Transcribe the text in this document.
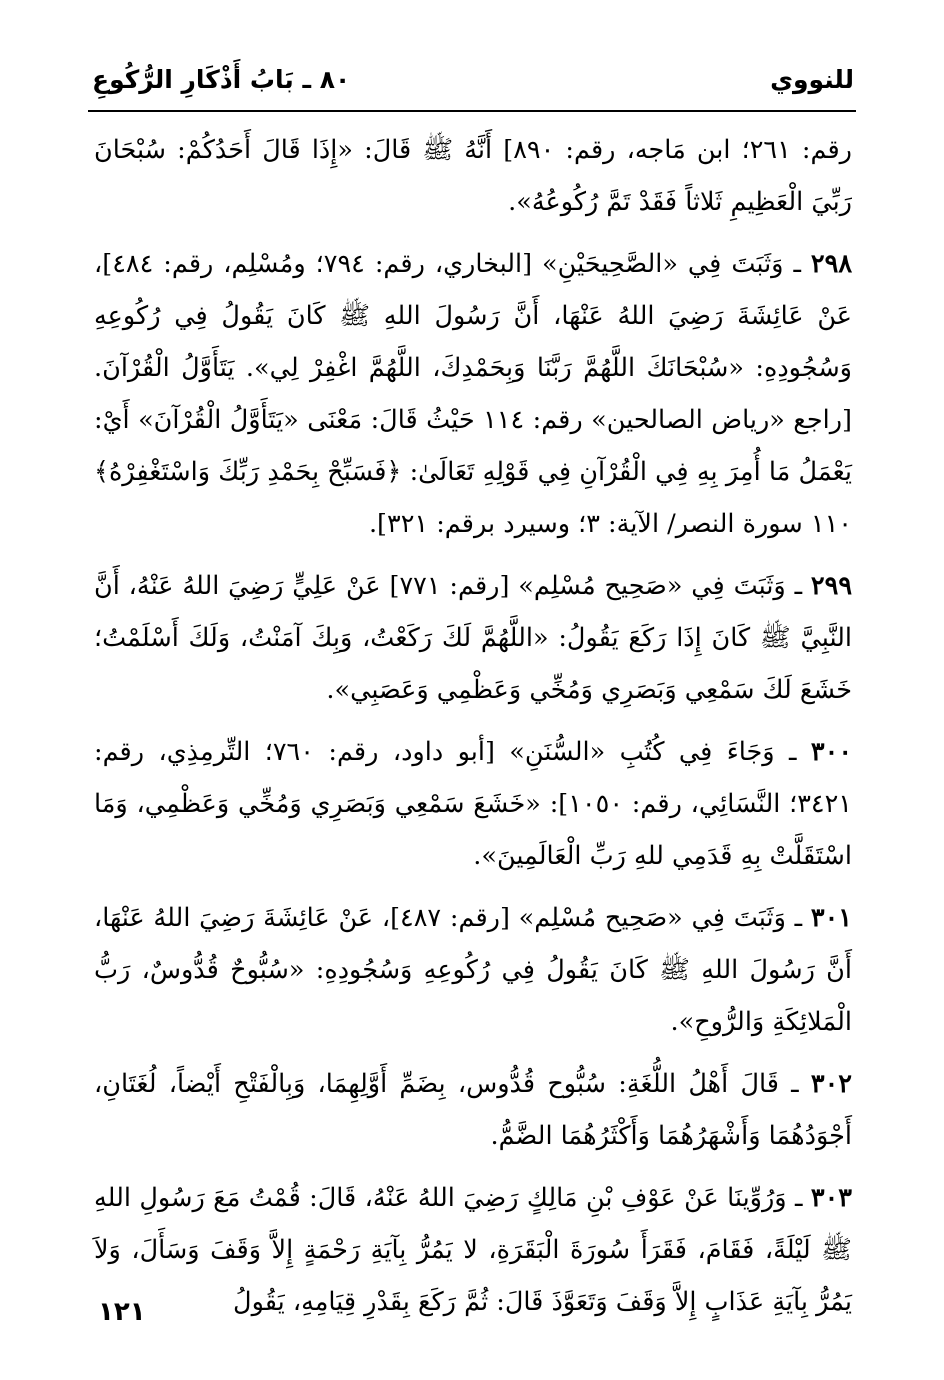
للنووي
٨٠ ـ بَابُ أَذْكَارِ الرُّكُوعِ

رقم: ٢٦١؛ ابن مَاجه، رقم: ٨٩٠] أَنَّهُ ﷺ قَالَ: «إِذَا قَالَ أَحَدُكُمْ: سُبْحَانَ رَبِّيَ الْعَظِيمِ ثَلاثاً فَقَدْ تَمَّ رُكُوعُهُ».

٢٩٨ ـ وَثَبَتَ فِي «الصَّحِيحَيْنِ» [البخاري، رقم: ٧٩٤؛ ومُسْلِم، رقم: ٤٨٤]، عَنْ عَائِشَةَ رَضِيَ اللهُ عَنْهَا، أَنَّ رَسُولَ اللهِ ﷺ كَانَ يَقُولُ فِي رُكُوعِهِ وَسُجُودِهِ: «سُبْحَانَكَ اللَّهُمَّ رَبَّنَا وَبِحَمْدِكَ، اللَّهُمَّ اغْفِرْ لِي». يَتَأَوَّلُ الْقُرْآنَ. [راجع «رياض الصالحين» رقم: ١١٤ حَيْثُ قَالَ: مَعْنَى «يَتَأَوَّلُ الْقُرْآنَ» أَيْ: يَعْمَلُ مَا أُمِرَ بِهِ فِي الْقُرْآنِ فِي قَوْلِهِ تَعَالَىٰ: ﴿فَسَبِّحْ بِحَمْدِ رَبِّكَ وَاسْتَغْفِرْهُ﴾ ١١٠ سورة النصر/ الآية: ٣؛ وسيرد برقم: ٣٢١].

٢٩٩ ـ وَثَبَتَ فِي «صَحِيح مُسْلِم» [رقم: ٧٧١] عَنْ عَلِيٍّ رَضِيَ اللهُ عَنْهُ، أَنَّ النَّبِيَّ ﷺ كَانَ إِذَا رَكَعَ يَقُولُ: «اللَّهُمَّ لَكَ رَكَعْتُ، وَبِكَ آمَنْتُ، وَلَكَ أَسْلَمْتُ؛ خَشَعَ لَكَ سَمْعِي وَبَصَرِي وَمُخِّي وَعَظْمِي وَعَصَبِي».

٣٠٠ ـ وَجَاءَ فِي كُتُبِ «السُّنَنِ» [أبو داود، رقم: ٧٦٠؛ التِّرمِذِي، رقم: ٣٤٢١؛ النَّسَائِي، رقم: ١٠٥٠]: «خَشَعَ سَمْعِي وَبَصَرِي وَمُخِّي وَعَظْمِي، وَمَا اسْتَقَلَّتْ بِهِ قَدَمِي للهِ رَبِّ الْعَالَمِينَ».

٣٠١ ـ وَثَبَتَ فِي «صَحِيح مُسْلِم» [رقم: ٤٨٧]، عَنْ عَائِشَةَ رَضِيَ اللهُ عَنْهَا، أَنَّ رَسُولَ اللهِ ﷺ كَانَ يَقُولُ فِي رُكُوعِهِ وَسُجُودِهِ: «سُبُّوحٌ قُدُّوسٌ، رَبُّ الْمَلائِكَةِ وَالرُّوحِ».

٣٠٢ ـ قَالَ أَهْلُ اللُّغَةِ: سُبُّوح قُدُّوس، بِضَمِّ أَوَّلِهِمَا، وَبِالْفَتْحِ أَيْضاً، لُغَتَانِ، أَجْوَدُهُمَا وَأَشْهَرُهُمَا وَأَكْثَرُهُمَا الضَّمُّ.

٣٠٣ ـ وَرُوِّينَا عَنْ عَوْفِ بْنِ مَالِكٍ رَضِيَ اللهُ عَنْهُ، قَالَ: قُمْتُ مَعَ رَسُولِ اللهِ ﷺ لَيْلَةً، فَقَامَ، فَقَرَأَ سُورَةَ الْبَقَرَةِ، لا يَمُرُّ بِآيَةِ رَحْمَةٍ إِلاَّ وَقَفَ وَسَأَلَ، وَلاَ يَمُرُّ بِآيَةِ عَذَابٍ إِلاَّ وَقَفَ وَتَعَوَّذَ قَالَ: ثُمَّ رَكَعَ بِقَدْرِ قِيَامِهِ، يَقُولُ

١٢١
